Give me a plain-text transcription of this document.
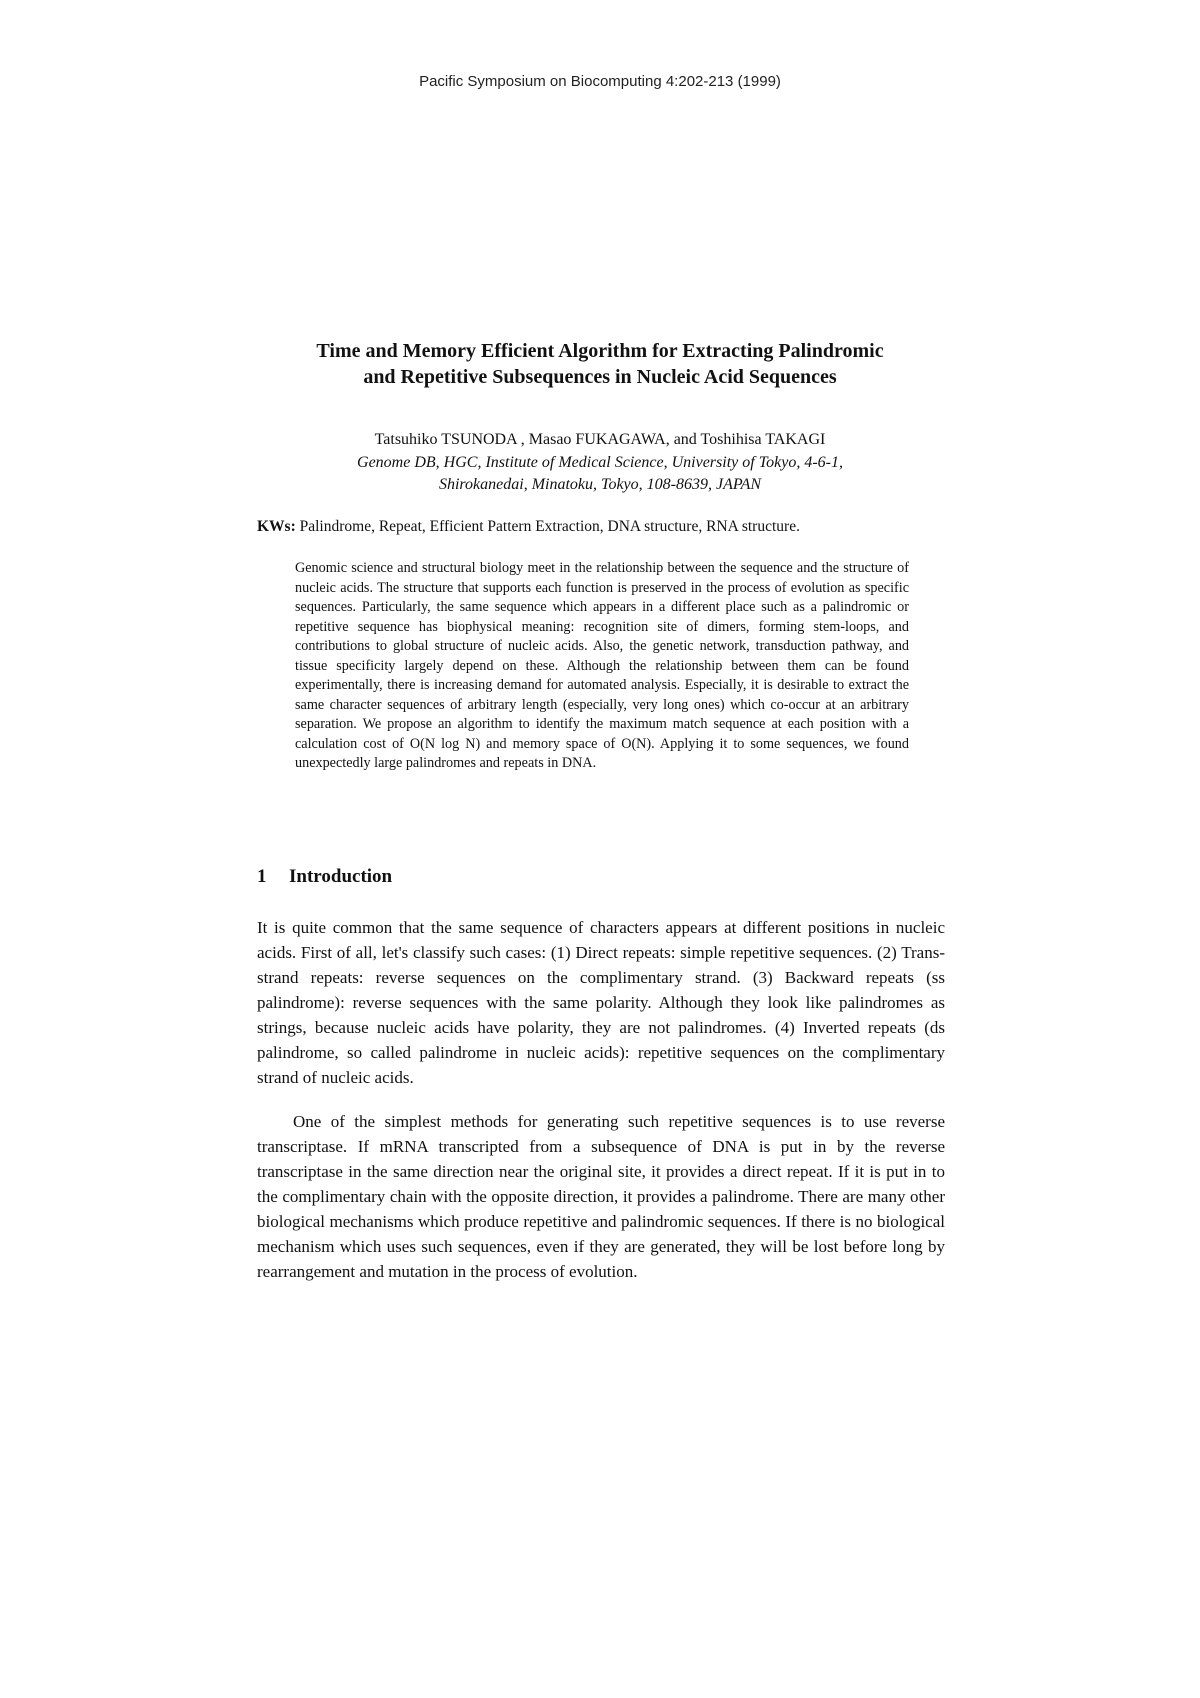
Pacific Symposium on Biocomputing 4:202-213 (1999)
Time and Memory Efficient Algorithm for Extracting Palindromic
and Repetitive Subsequences in Nucleic Acid Sequences
Tatsuhiko TSUNODA , Masao FUKAGAWA, and Toshihisa TAKAGI
Genome DB, HGC, Institute of Medical Science, University of Tokyo, 4-6-1,
Shirokanedai, Minatoku, Tokyo, 108-8639, JAPAN
KWs: Palindrome, Repeat, Efficient Pattern Extraction, DNA structure, RNA structure.

Genomic science and structural biology meet in the relationship between the sequence and the structure of nucleic acids. The structure that supports each function is preserved in the process of evolution as specific sequences. Particularly, the same sequence which appears in a different place such as a palindromic or repetitive sequence has biophysical meaning: recognition site of dimers, forming stem-loops, and contributions to global structure of nucleic acids. Also, the genetic network, transduction pathway, and tissue specificity largely depend on these. Although the relationship between them can be found experimentally, there is increasing demand for automated analysis. Especially, it is desirable to extract the same character sequences of arbitrary length (especially, very long ones) which co-occur at an arbitrary separation. We propose an algorithm to identify the maximum match sequence at each position with a calculation cost of O(N log N) and memory space of O(N). Applying it to some sequences, we found unexpectedly large palindromes and repeats in DNA.

1 Introduction

It is quite common that the same sequence of characters appears at different positions in nucleic acids. First of all, let's classify such cases: (1) Direct repeats: simple repetitive sequences. (2) Trans-strand repeats: reverse sequences on the complimentary strand. (3) Backward repeats (ss palindrome): reverse sequences with the same polarity. Although they look like palindromes as strings, because nucleic acids have polarity, they are not palindromes. (4) Inverted repeats (ds palindrome, so called palindrome in nucleic acids): repetitive sequences on the complimentary strand of nucleic acids.

One of the simplest methods for generating such repetitive sequences is to use reverse transcriptase. If mRNA transcripted from a subsequence of DNA is put in by the reverse transcriptase in the same direction near the original site, it provides a direct repeat. If it is put in to the complimentary chain with the opposite direction, it provides a palindrome. There are many other biological mechanisms which produce repetitive and palindromic sequences. If there is no biological mechanism which uses such sequences, even if they are generated, they will be lost before long by rearrangement and mutation in the process of evolution.
